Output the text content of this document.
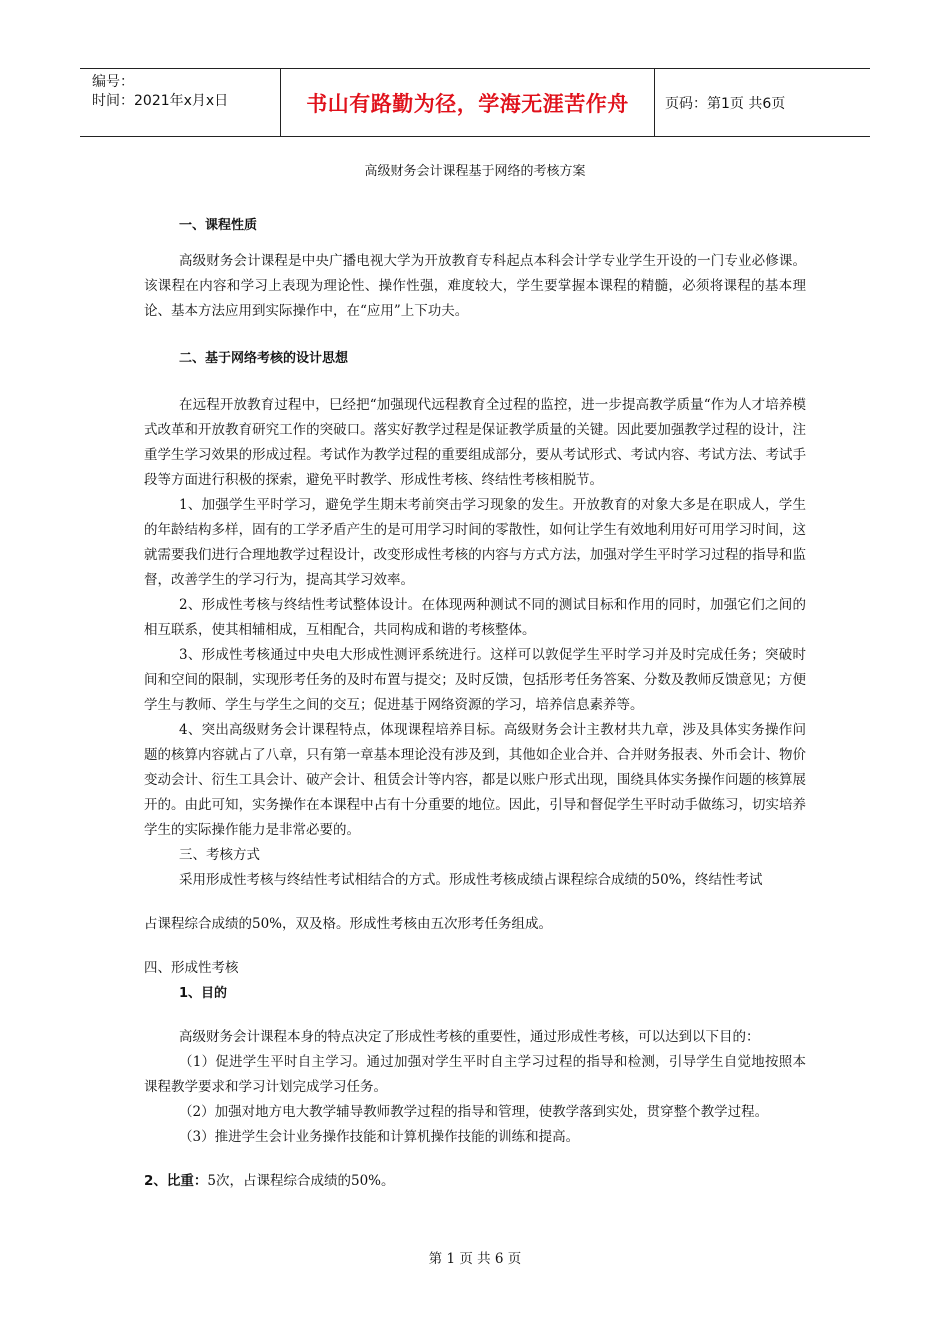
编号：
时间：2021年x月x日	书山有路勤为径，学海无涯苦作舟	页码：第1页 共6页
高级财务会计课程基于网络的考核方案

一、课程性质

高级财务会计课程是中央广播电视大学为开放教育专科起点本科会计学专业学生开设的一门专业必修课。该课程在内容和学习上表现为理论性、操作性强，难度较大，学生要掌握本课程的精髓，必须将课程的基本理论、基本方法应用到实际操作中，在“应用”上下功夫。

二、基于网络考核的设计思想

在远程开放教育过程中，巳经把“加强现代远程教育全过程的监控，进一步提高教学质量“作为人才培养模式改革和开放教育研究工作的突破口。落实好教学过程是保证教学质量的关键。因此要加强教学过程的设计，注重学生学习效果的形成过程。考试作为教学过程的重要组成部分，要从考试形式、考试内容、考试方法、考试手段等方面进行积极的探索，避免平时教学、形成性考核、终结性考核相脱节。

1、加强学生平时学习，避免学生期末考前突击学习现象的发生。开放教育的对象大多是在职成人，学生的年龄结构多样，固有的工学矛盾产生的是可用学习时间的零散性，如何让学生有效地利用好可用学习时间，这就需要我们进行合理地教学过程设计，改变形成性考核的内容与方式方法，加强对学生平时学习过程的指导和监督，改善学生的学习行为，提高其学习效率。

2、形成性考核与终结性考试整体设计。在体现两种测试不同的测试目标和作用的同时，加强它们之间的相互联系，使其相辅相成，互相配合，共同构成和谐的考核整体。

3、形成性考核通过中央电大形成性测评系统进行。这样可以敦促学生平时学习并及时完成任务；突破时间和空间的限制，实现形考任务的及时布置与提交；及时反馈，包括形考任务答案、分数及教师反馈意见；方便学生与教师、学生与学生之间的交互；促进基于网络资源的学习，培养信息素养等。

4、突出高级财务会计课程特点，体现课程培养目标。高级财务会计主教材共九章，涉及具体实务操作问题的核算内容就占了八章，只有第一章基本理论没有涉及到，其他如企业合并、合并财务报表、外币会计、物价变动会计、衍生工具会计、破产会计、租赁会计等内容，都是以账户形式出现，围绕具体实务操作问题的核算展开的。由此可知，实务操作在本课程中占有十分重要的地位。因此，引导和督促学生平时动手做练习，切实培养学生的实际操作能力是非常必要的。

三、考核方式

采用形成性考核与终结性考试相结合的方式。形成性考核成绩占课程综合成绩的50%，终结性考试

占课程综合成绩的50%，双及格。形成性考核由五次形考任务组成。

四、形成性考核

1、目的

高级财务会计课程本身的特点决定了形成性考核的重要性，通过形成性考核，可以达到以下目的：

（1）促进学生平时自主学习。通过加强对学生平时自主学习过程的指导和检测，引导学生自觉地按照本课程教学要求和学习计划完成学习任务。

（2）加强对地方电大教学辅导教师教学过程的指导和管理，使教学落到实处，贯穿整个教学过程。

（3）推进学生会计业务操作技能和计算机操作技能的训练和提高。

2、比重：5次，占课程综合成绩的50%。

第 1 页 共 6 页
